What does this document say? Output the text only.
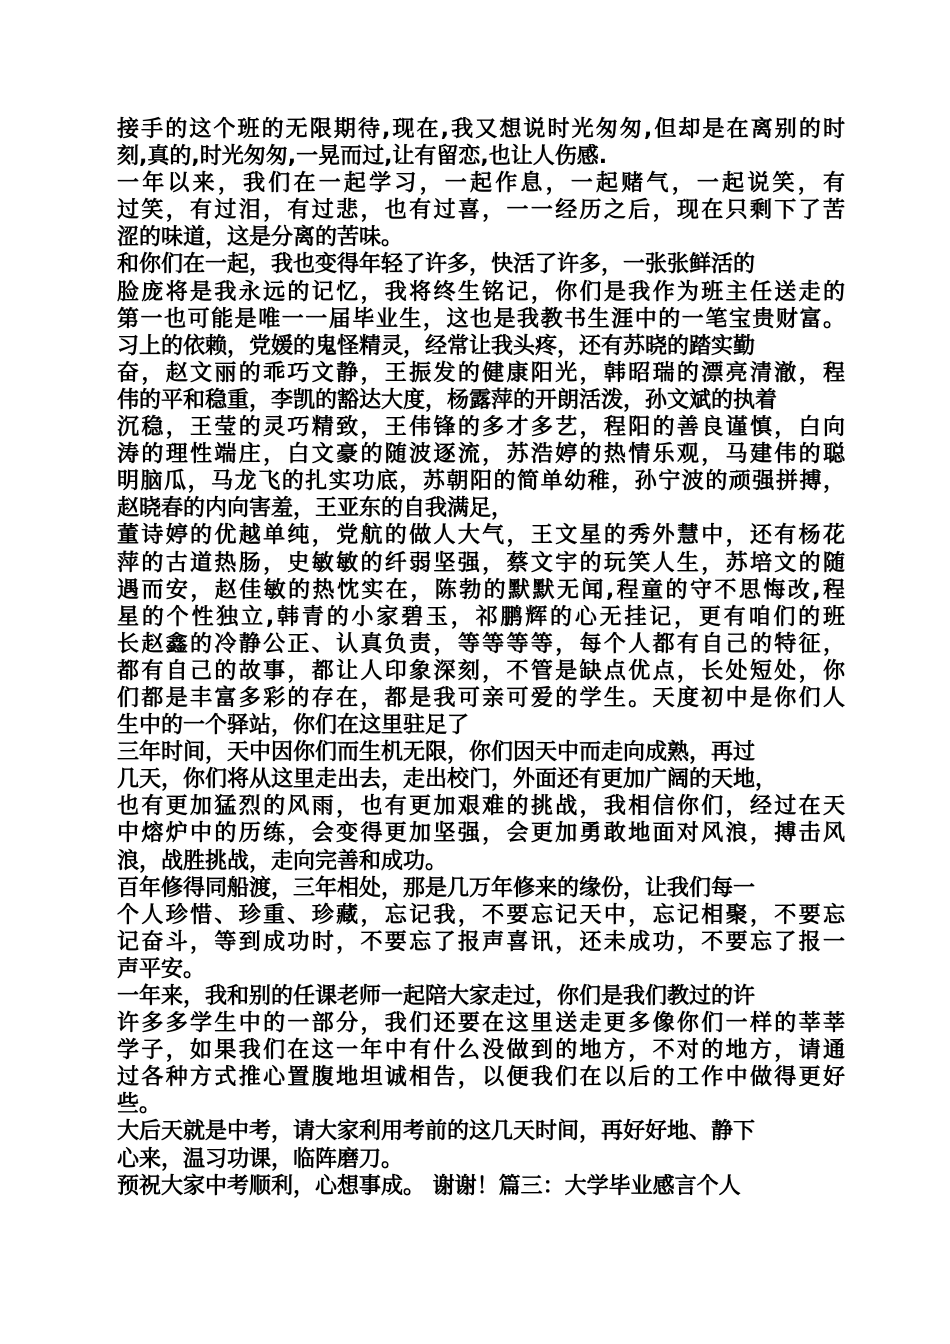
接手的这个班的无限期待,现在,我又想说时光匆匆,但却是在离别的时
刻,真的,时光匆匆,一晃而过,让有留恋,也让人伤感.
一年以来，我们在一起学习，一起作息，一起赌气，一起说笑，有
过笑，有过泪，有过悲，也有过喜，一一经历之后，现在只剩下了苦
涩的味道，这是分离的苦味。
和你们在一起，我也变得年轻了许多，快活了许多，一张张鲜活的
脸庞将是我永远的记忆，我将终生铭记，你们是我作为班主任送走的
第一也可能是唯一一届毕业生，这也是我教书生涯中的一笔宝贵财富。
习上的依赖，党媛的鬼怪精灵，经常让我头疼，还有苏晓的踏实勤
奋，赵文丽的乖巧文静，王振发的健康阳光，韩昭瑞的漂亮清澈，程
伟的平和稳重，李凯的豁达大度，杨露萍的开朗活泼，孙文斌的执着
沉稳，王莹的灵巧精致，王伟锋的多才多艺，程阳的善良谨慎，白向
涛的理性端庄，白文豪的随波逐流，苏浩婷的热情乐观，马建伟的聪
明脑瓜，马龙飞的扎实功底，苏朝阳的简单幼稚，孙宁波的顽强拼搏，
赵晓春的内向害羞，王亚东的自我满足，
董诗婷的优越单纯，党航的做人大气，王文星的秀外慧中，还有杨花
萍的古道热肠，史敏敏的纤弱坚强，蔡文宇的玩笑人生，苏培文的随
遇而安，赵佳敏的热忱实在，陈勃的默默无闻,程童的守不思悔改,程
星的个性独立,韩青的小家碧玉，祁鹏辉的心无挂记，更有咱们的班
长赵鑫的冷静公正、认真负责，等等等等，每个人都有自己的特征，
都有自己的故事，都让人印象深刻，不管是缺点优点，长处短处，你
们都是丰富多彩的存在，都是我可亲可爱的学生。天度初中是你们人
生中的一个驿站，你们在这里驻足了
三年时间，天中因你们而生机无限，你们因天中而走向成熟，再过
几天，你们将从这里走出去，走出校门，外面还有更加广阔的天地，
也有更加猛烈的风雨，也有更加艰难的挑战，我相信你们，经过在天
中熔炉中的历练，会变得更加坚强，会更加勇敢地面对风浪，搏击风
浪，战胜挑战，走向完善和成功。
百年修得同船渡，三年相处，那是几万年修来的缘份，让我们每一
个人珍惜、珍重、珍藏，忘记我，不要忘记天中，忘记相聚，不要忘
记奋斗，等到成功时，不要忘了报声喜讯，还未成功，不要忘了报一
声平安。
一年来，我和别的任课老师一起陪大家走过，你们是我们教过的许
许多多学生中的一部分，我们还要在这里送走更多像你们一样的莘莘
学子，如果我们在这一年中有什么没做到的地方，不对的地方，请通
过各种方式推心置腹地坦诚相告，以便我们在以后的工作中做得更好
些。
大后天就是中考，请大家利用考前的这几天时间，再好好地、静下
心来，温习功课，临阵磨刀。
预祝大家中考顺利，心想事成。 谢谢！篇三：大学毕业感言个人
